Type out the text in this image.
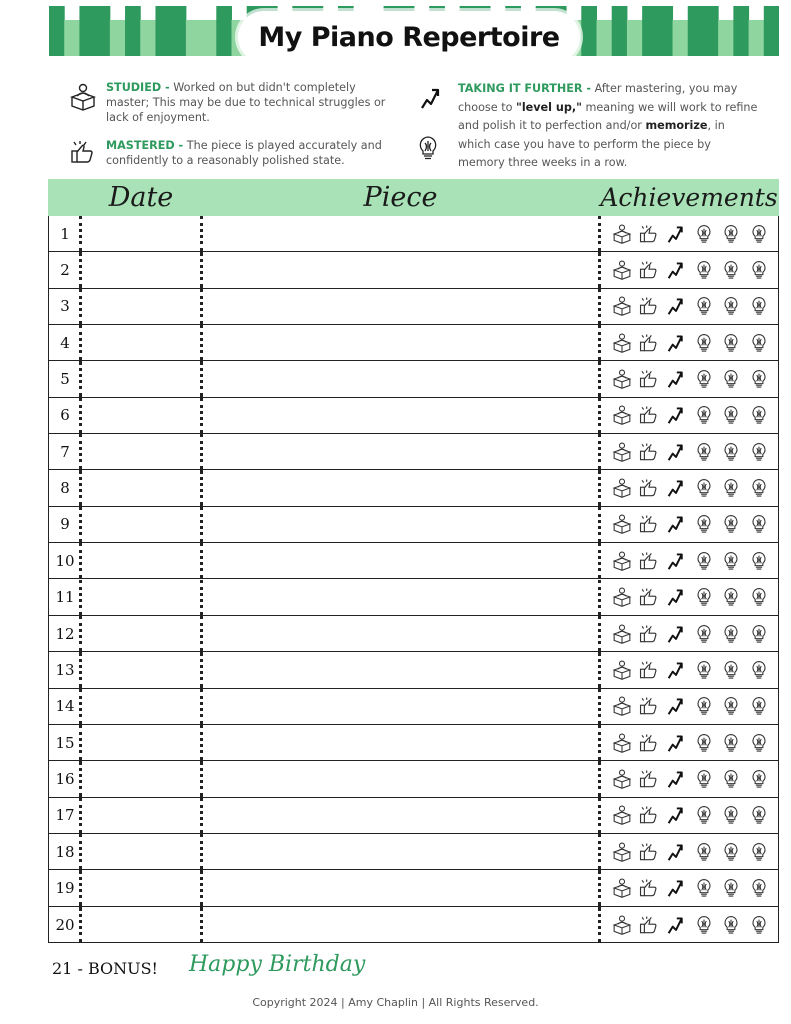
My Piano Repertoire
STUDIED - Worked on but didn't completely master; This may be due to technical struggles or lack of enjoyment.
MASTERED - The piece is played accurately and confidently to a reasonably polished state.
TAKING IT FURTHER - After mastering, you may choose to "level up," meaning we will work to refine and polish it to perfection and/or memorize, in which case you have to perform the piece by memory three weeks in a row.
Date	Piece	Achievements
1
2
3
4
5
6
7
8
9
10
11
12
13
14
15
16
17
18
19
20
21 - BONUS! Happy Birthday
Copyright 2024 | Amy Chaplin | All Rights Reserved.
